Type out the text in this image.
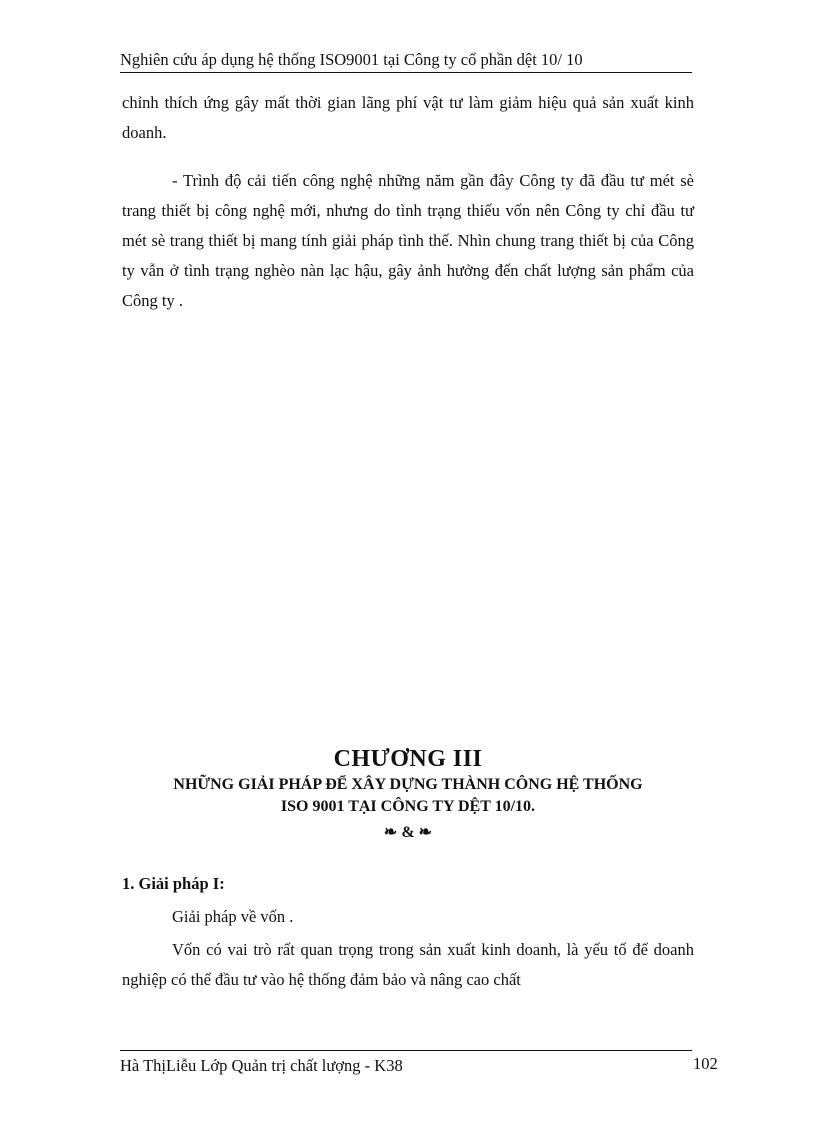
Nghiên cứu áp dụng hệ thống ISO9001 tại Công ty cổ phần dệt 10/ 10

chỉnh thích ứng gây mất thời gian lãng phí vật tư làm giảm hiệu quả sản xuất kinh doanh.

- Trình độ cải tiến công nghệ những năm gần đây Công ty đã đầu tư mét sè trang thiết bị công nghệ mới, nhưng do tình trạng thiếu vốn nên Công ty chỉ đầu tư mét sè trang thiết bị mang tính giải pháp tình thế. Nhìn chung trang thiết bị của Công ty vẫn ở tình trạng nghèo nàn lạc hậu, gây ảnh hưởng đến chất lượng sản phẩm của Công ty .

CHƯƠNG III
NHỮNG GIẢI PHÁP ĐỂ XÂY DỰNG THÀNH CÔNG HỆ THỐNG
ISO 9001 TẠI CÔNG TY DỆT 10/10.
❧ & ❧
1. Giải pháp I:

Giải pháp về vốn .

Vốn có vai trò rất quan trọng trong sản xuất kinh doanh, là yếu tố để doanh nghiệp có thể đầu tư vào hệ thống đảm bảo và nâng cao chất

Hà ThịLiễu Lớp Quản trị chất lượng - K38	102
